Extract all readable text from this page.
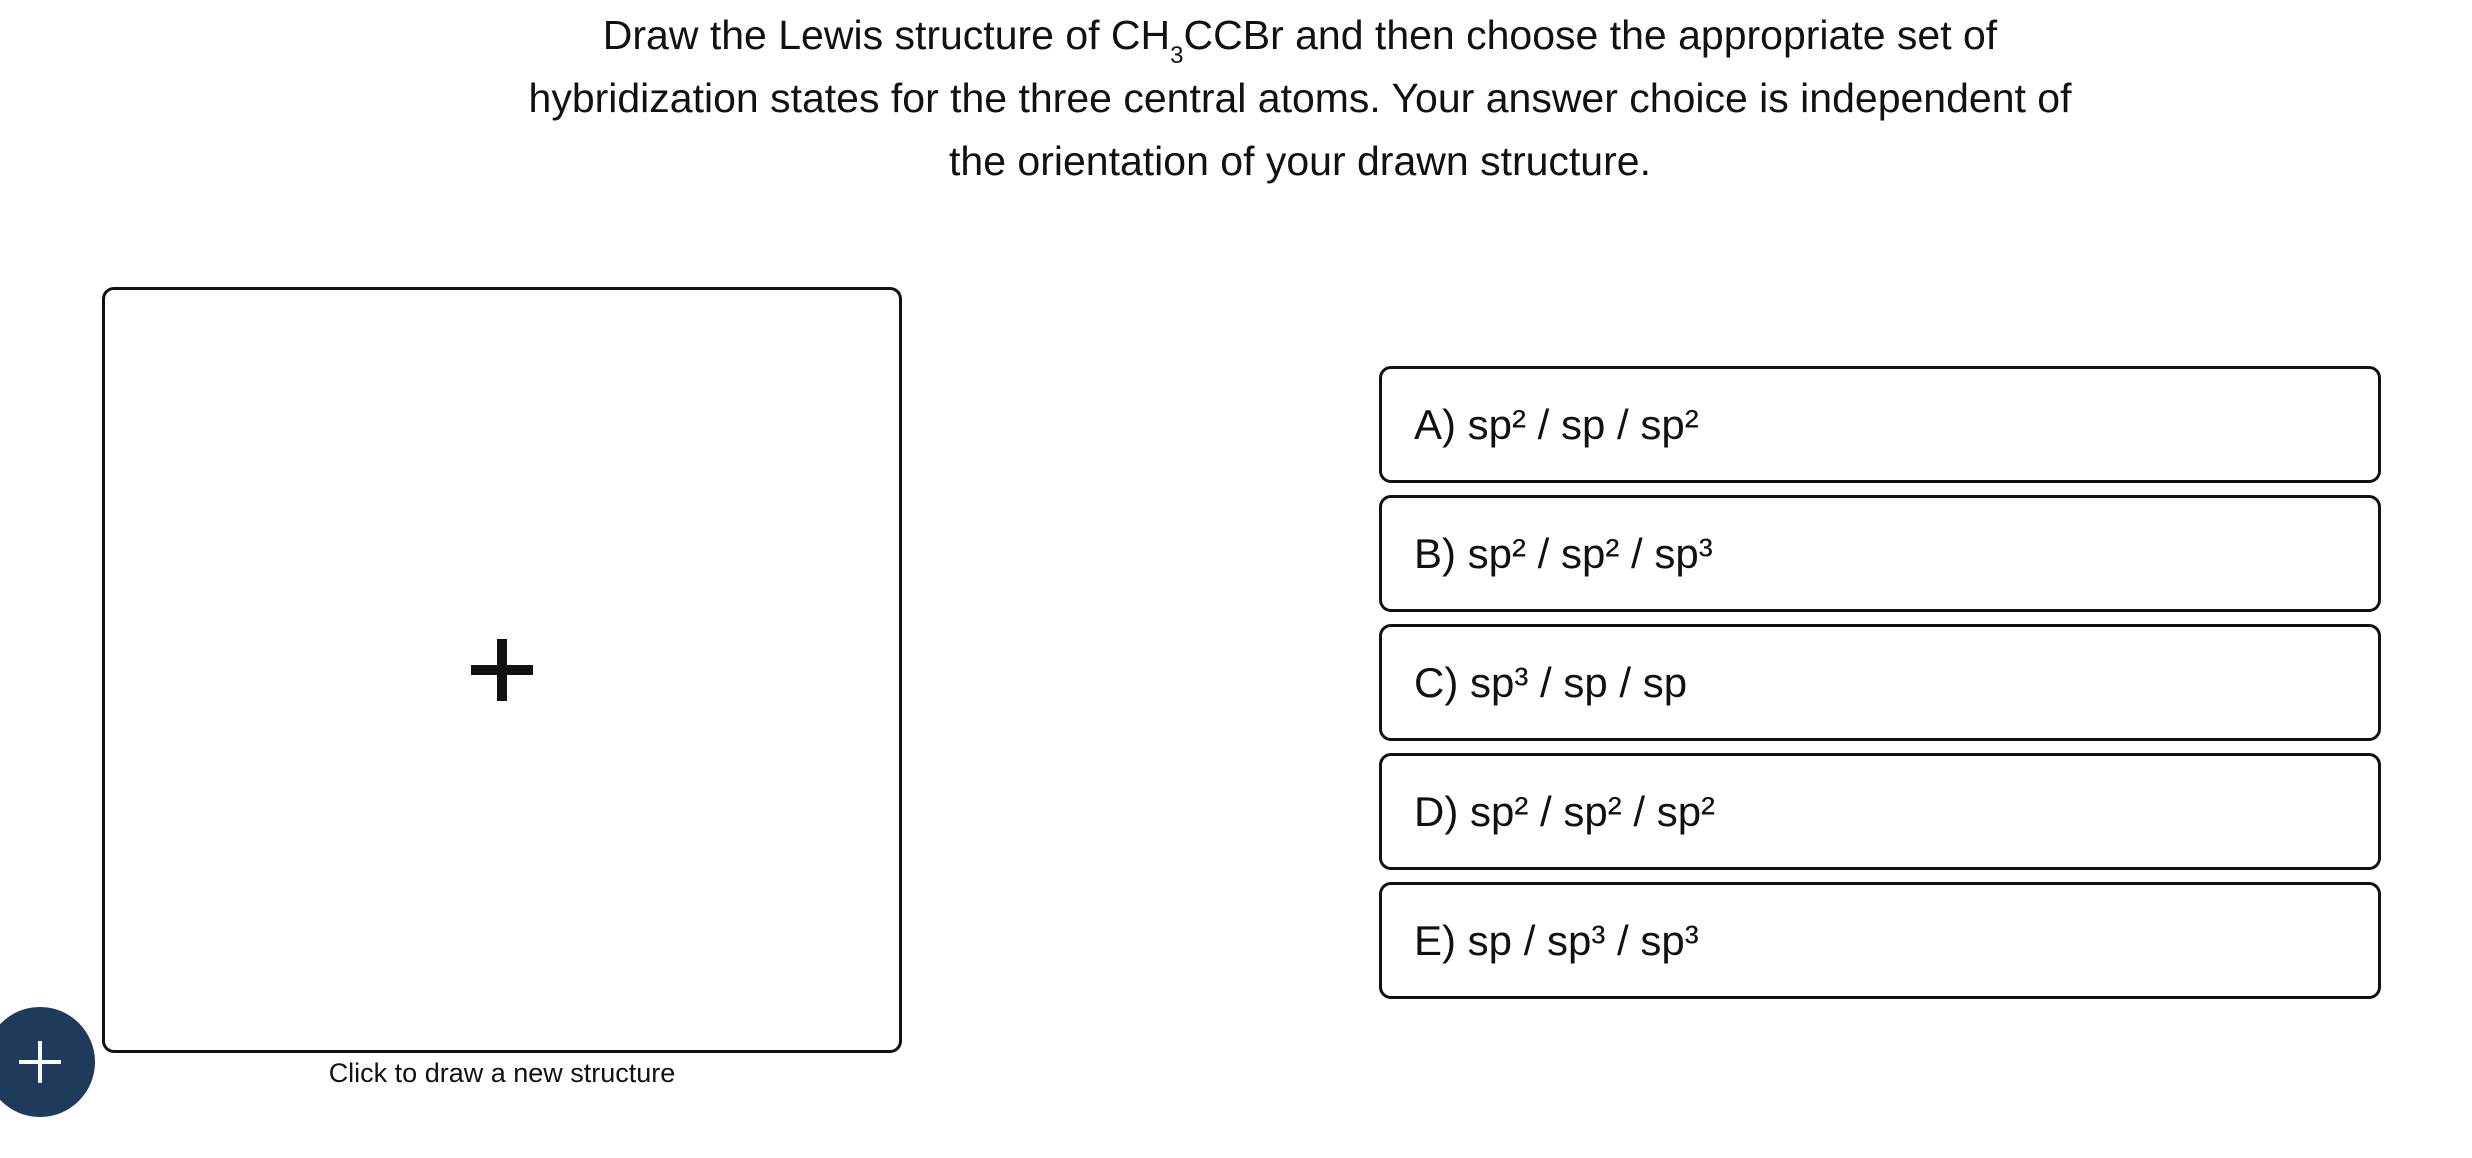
Draw the Lewis structure of $CH_3CCBr$ and then choose the appropriate set of hybridization states for the three central atoms. Your answer choice is independent of the orientation of your drawn structure.
Click to draw a new structure
A) sp² / sp / sp²
B) sp² / sp² / sp³
C) sp³ / sp / sp
D) sp² / sp² / sp²
E) sp / sp³ / sp³
